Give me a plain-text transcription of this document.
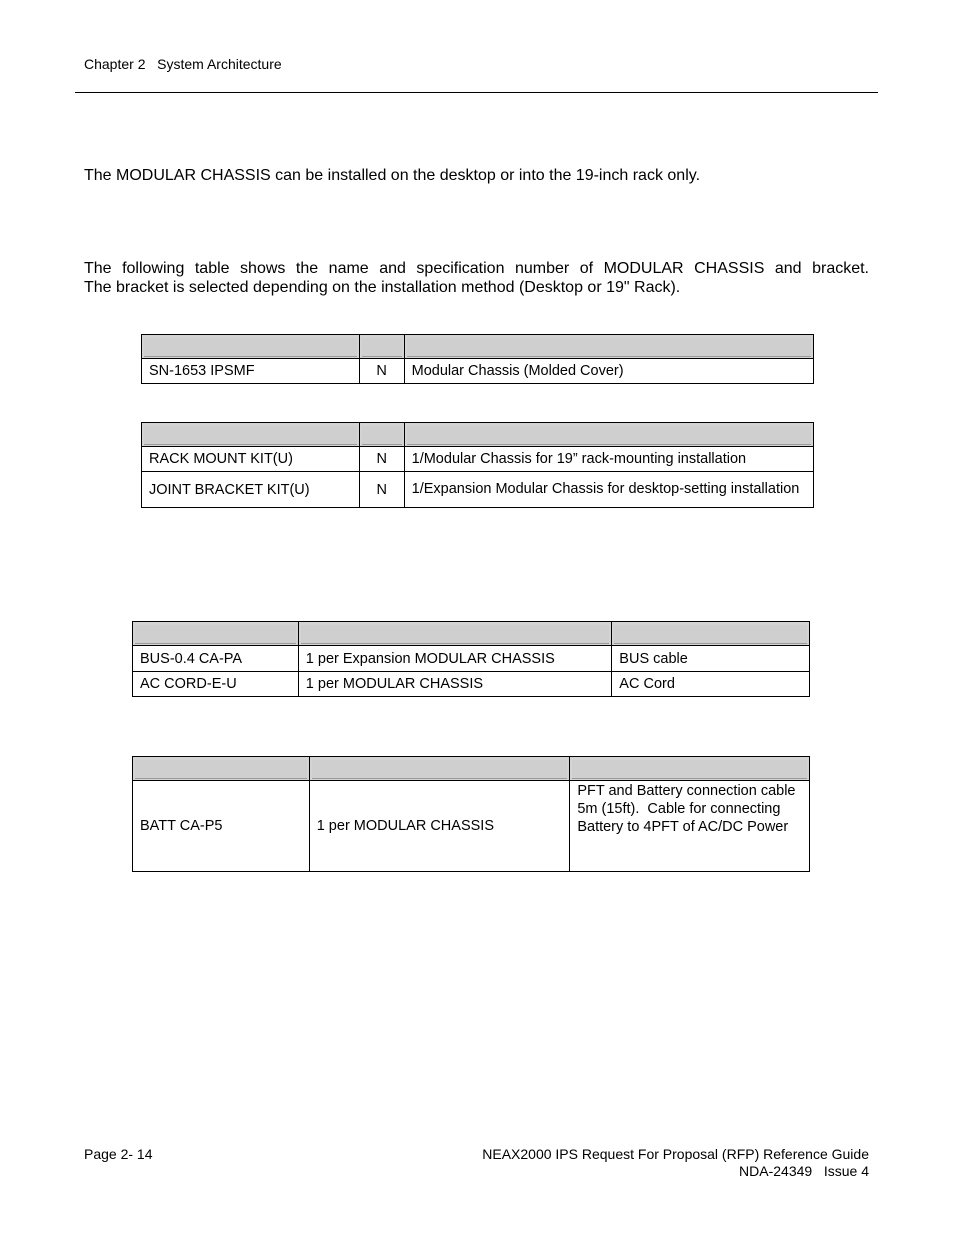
Chapter 2 System Architecture
The MODULAR CHASSIS can be installed on the desktop or into the 19-inch rack only.
The following table shows the name and specification number of MODULAR CHASSIS and bracket.
The bracket is selected depending on the installation method (Desktop or 19" Rack).

SN-1653 IPSMF	N	Modular Chassis (Molded Cover)

RACK MOUNT KIT(U)	N	1/Modular Chassis for 19” rack-mounting installation
JOINT BRACKET KIT(U)	N	1/Expansion Modular Chassis for desktop-setting installation

BUS-0.4 CA-PA	1 per Expansion MODULAR CHASSIS	BUS cable
AC CORD-E-U	1 per MODULAR CHASSIS	AC Cord

BATT CA-P5	1 per MODULAR CHASSIS	PFT and Battery connection cable   5m (15ft).  Cable for connecting Battery to 4PFT of AC/DC Power
Page 2- 14	NEAX2000 IPS Request For Proposal (RFP) Reference Guide
NDA-24349   Issue 4
